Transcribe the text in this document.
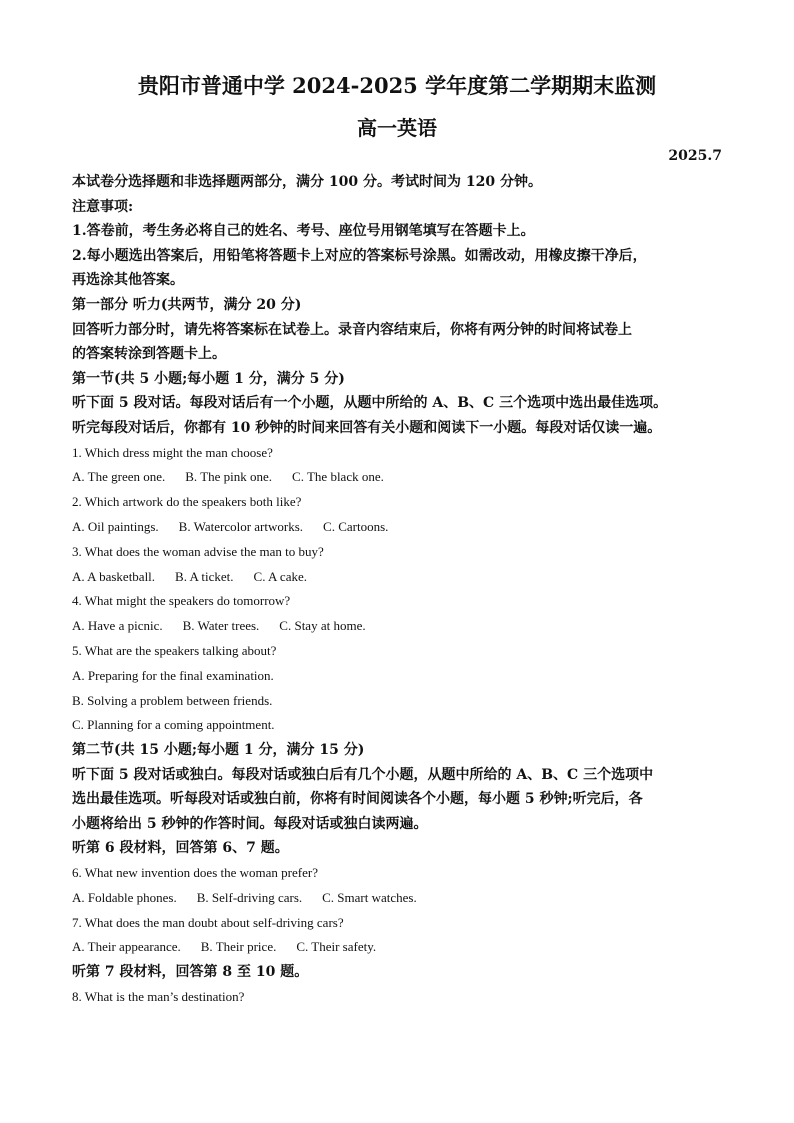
贵阳市普通中学 2024-2025 学年度第二学期期末监测
高一英语
2025.7

本试卷分选择题和非选择题两部分，满分 100 分。考试时间为 120 分钟。

注意事项:

1.答卷前，考生务必将自己的姓名、考号、座位号用钢笔填写在答题卡上。

2.每小题选出答案后，用铅笔将答题卡上对应的答案标号涂黑。如需改动，用橡皮擦干净后，

再选涂其他答案。

第一部分 听力(共两节，满分 20 分)

回答听力部分时，请先将答案标在试卷上。录音内容结束后，你将有两分钟的时间将试卷上

的答案转涂到答题卡上。

第一节(共 5 小题;每小题 1 分，满分 5 分)

听下面 5 段对话。每段对话后有一个小题，从题中所给的 A、B、C 三个选项中选出最佳选项。

听完每段对话后，你都有 10 秒钟的时间来回答有关小题和阅读下一小题。每段对话仅读一遍。

1. Which dress might the man choose?

A. The green one. B. The pink one. C. The black one.

2. Which artwork do the speakers both like?

A. Oil paintings. B. Watercolor artworks. C. Cartoons.

3. What does the woman advise the man to buy?

A. A basketball. B. A ticket. C. A cake.

4. What might the speakers do tomorrow?

A. Have a picnic. B. Water trees. C. Stay at home.

5. What are the speakers talking about?

A. Preparing for the final examination.

B. Solving a problem between friends.

C. Planning for a coming appointment.

第二节(共 15 小题;每小题 1 分，满分 15 分)

听下面 5 段对话或独白。每段对话或独白后有几个小题，从题中所给的 A、B、C 三个选项中

选出最佳选项。听每段对话或独白前，你将有时间阅读各个小题，每小题 5 秒钟;听完后，各

小题将给出 5 秒钟的作答时间。每段对话或独白读两遍。

听第 6 段材料，回答第 6、7 题。

6. What new invention does the woman prefer?

A. Foldable phones. B. Self-driving cars. C. Smart watches.

7. What does the man doubt about self-driving cars?

A. Their appearance. B. Their price. C. Their safety.

听第 7 段材料，回答第 8 至 10 题。

8. What is the man’s destination?
